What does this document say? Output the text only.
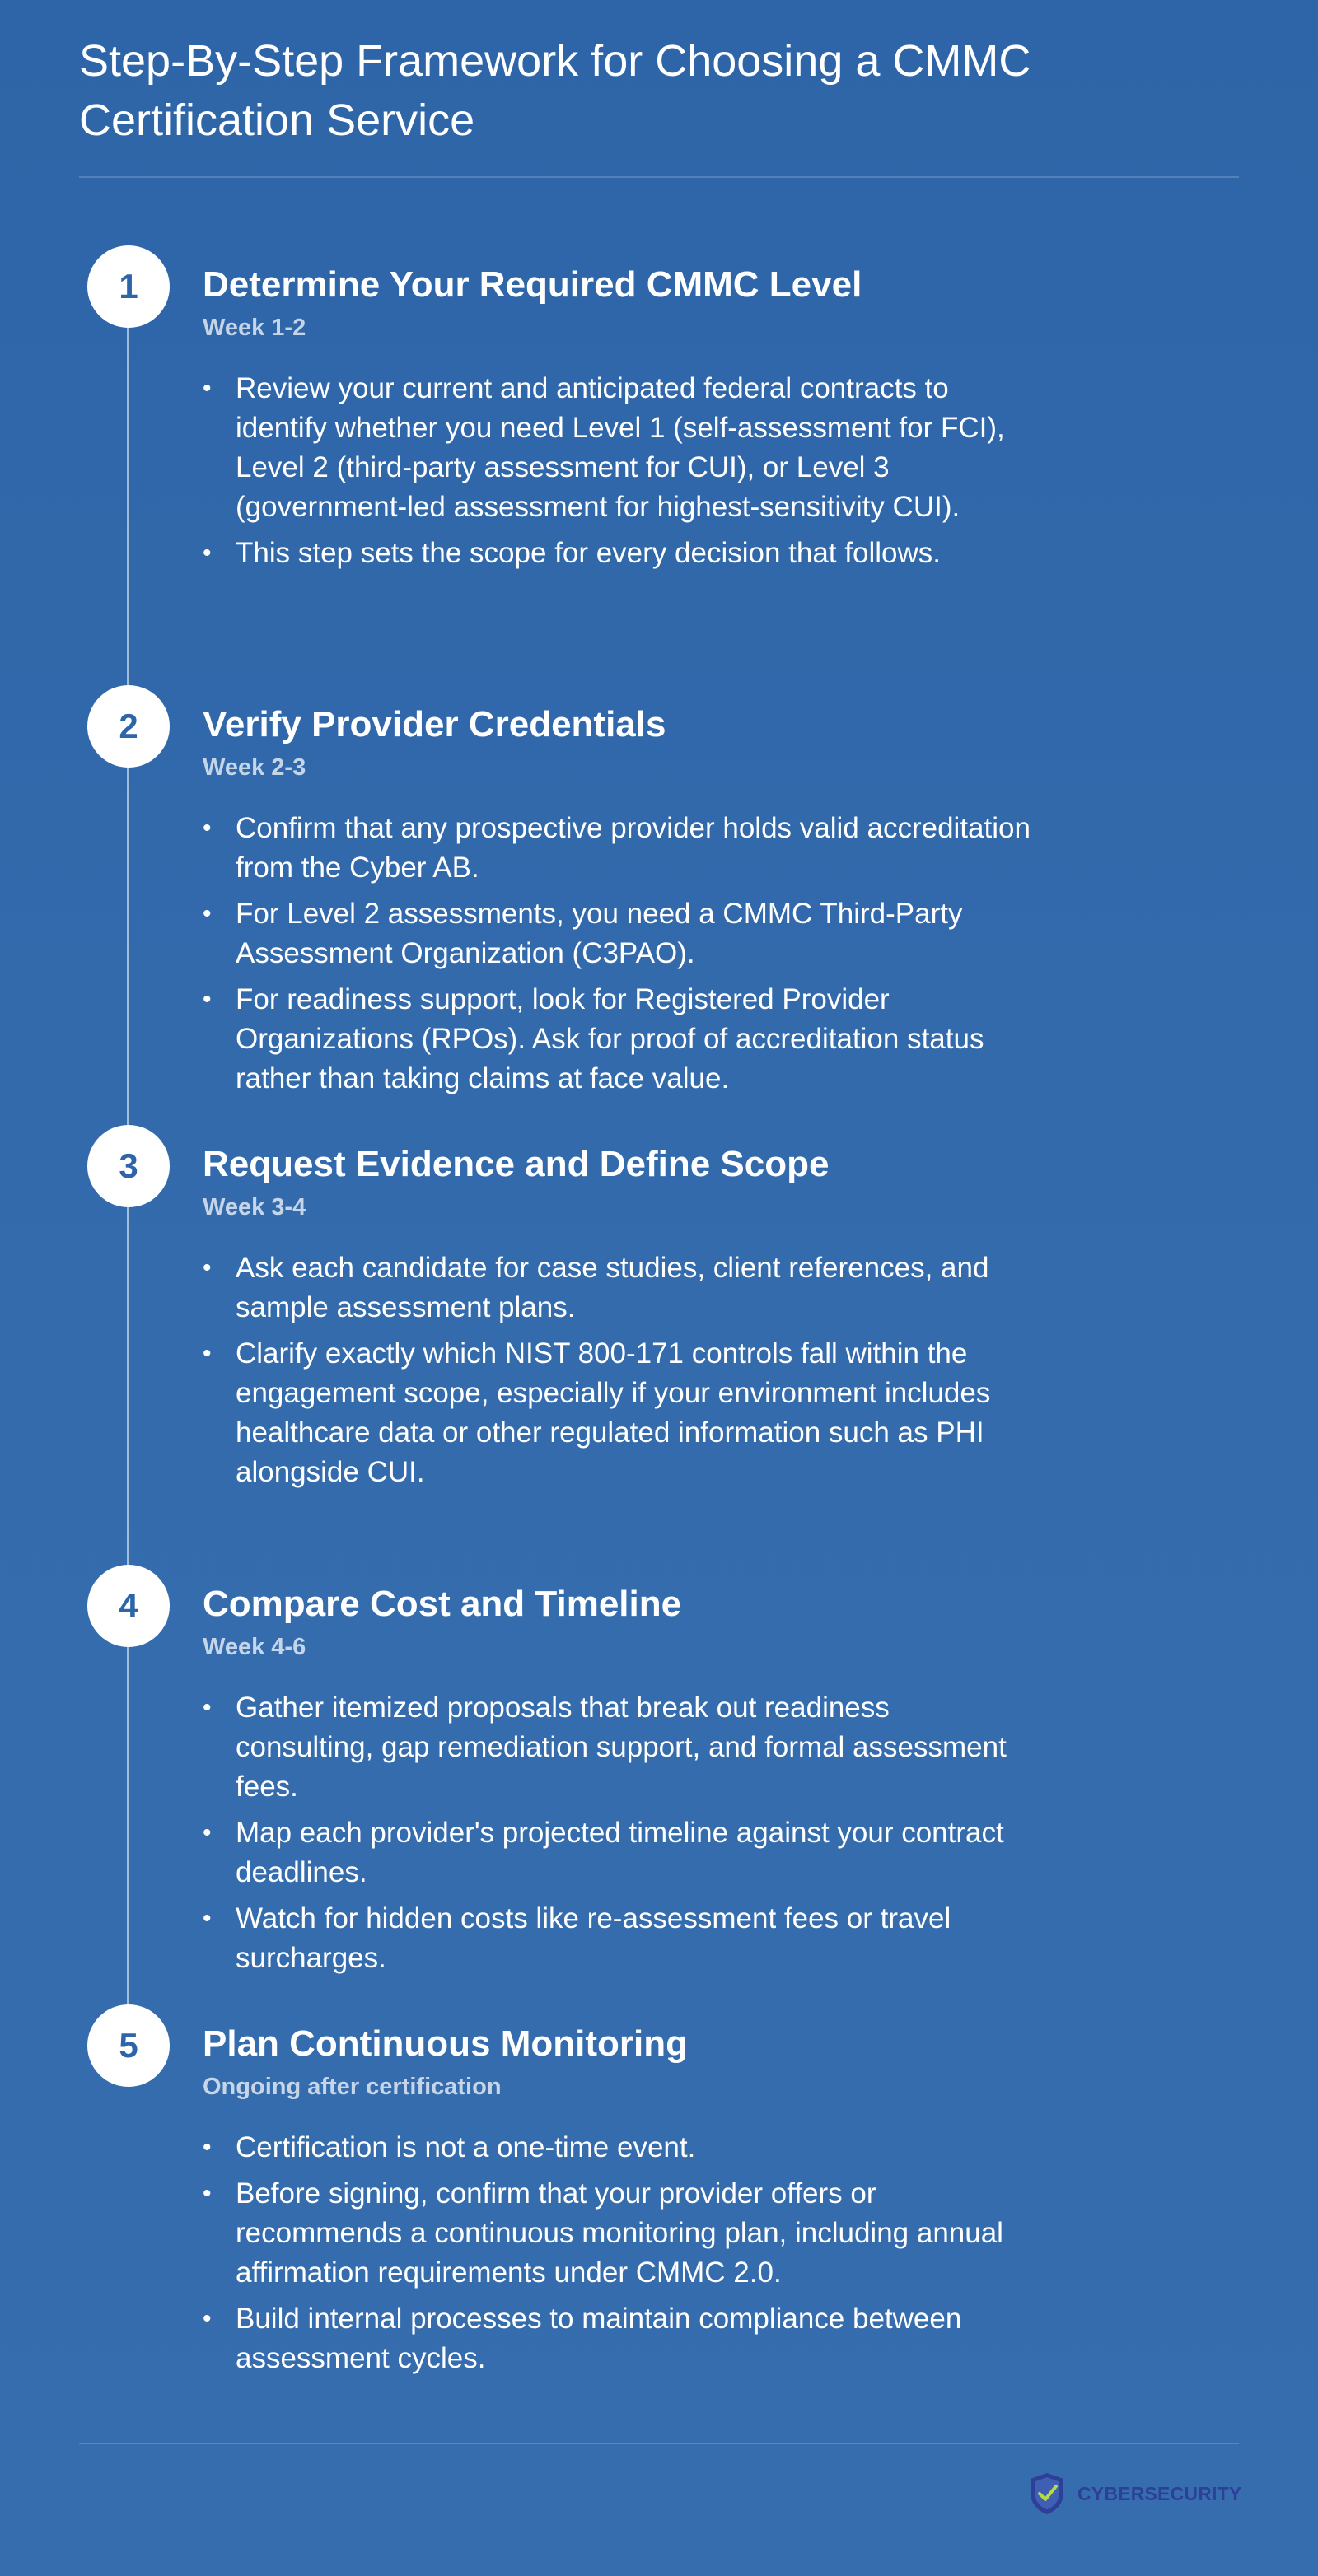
Step-By-Step Framework for Choosing a CMMC Certification Service
1	Determine Your Required CMMC Level
Week 1-2
• Review your current and anticipated federal contracts to identify whether you need Level 1 (self-assessment for FCI), Level 2 (third-party assessment for CUI), or Level 3 (government-led assessment for highest-sensitivity CUI).
• This step sets the scope for every decision that follows.
2	Verify Provider Credentials
Week 2-3
• Confirm that any prospective provider holds valid accreditation from the Cyber AB.
• For Level 2 assessments, you need a CMMC Third-Party Assessment Organization (C3PAO).
• For readiness support, look for Registered Provider Organizations (RPOs). Ask for proof of accreditation status rather than taking claims at face value.
3	Request Evidence and Define Scope
Week 3-4
• Ask each candidate for case studies, client references, and sample assessment plans.
• Clarify exactly which NIST 800-171 controls fall within the engagement scope, especially if your environment includes healthcare data or other regulated information such as PHI alongside CUI.
4	Compare Cost and Timeline
Week 4-6
• Gather itemized proposals that break out readiness consulting, gap remediation support, and formal assessment fees.
• Map each provider's projected timeline against your contract deadlines.
• Watch for hidden costs like re-assessment fees or travel surcharges.
5	Plan Continuous Monitoring
Ongoing after certification
• Certification is not a one-time event.
• Before signing, confirm that your provider offers or recommends a continuous monitoring plan, including annual affirmation requirements under CMMC 2.0.
• Build internal processes to maintain compliance between assessment cycles.
CYBERSECURITY
